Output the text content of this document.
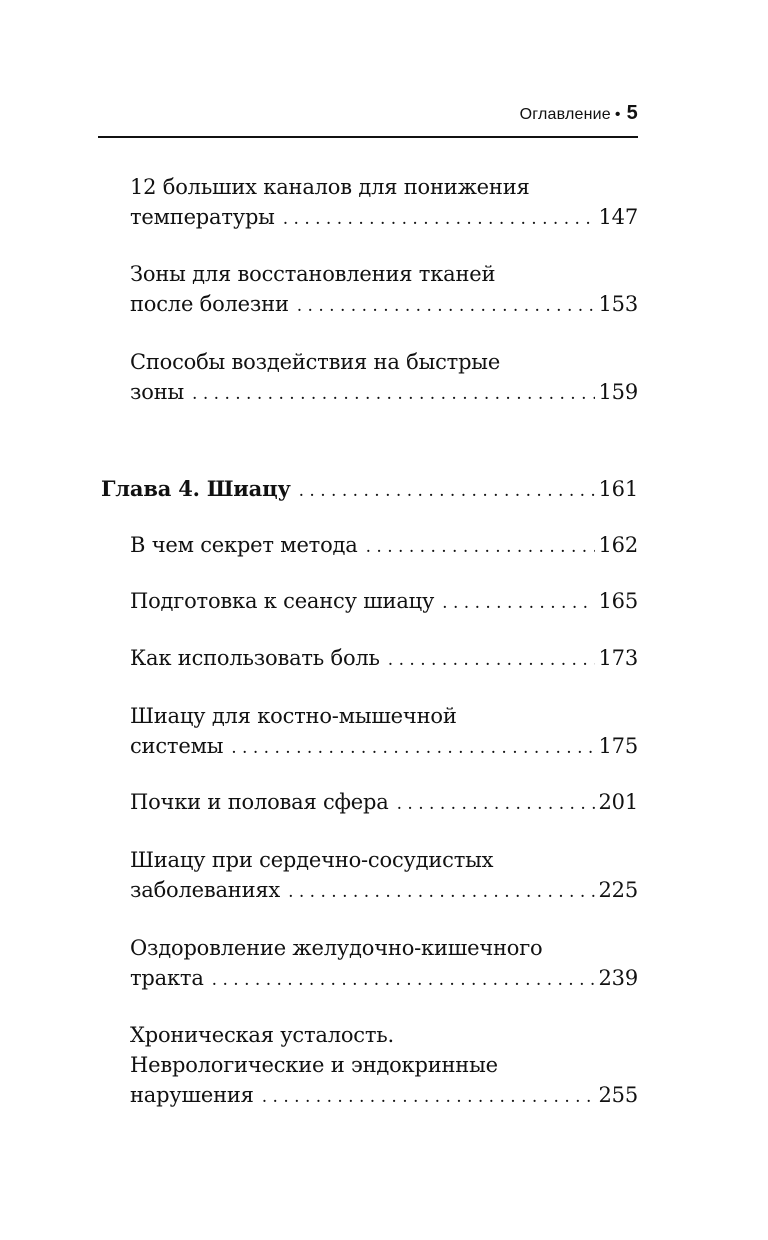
Оглавление • 5
12 больших каналов для понижения
температуры . . .	147
Зоны для восстановления тканей
после болезни . . .	153
Способы воздействия на быстрые
зоны . . .	159
Глава 4. Шиацу . . .	161
В чем секрет метода . . .	162
Подготовка к сеансу шиацу . . .	165
Как использовать боль . . .	173
Шиацу для костно-мышечной
системы . . .	175
Почки и половая сфера . . .	201
Шиацу при сердечно-сосудистых
заболеваниях . . .	225
Оздоровление желудочно-кишечного
тракта . . .	239
Хроническая усталость.
Неврологические и эндокринные
нарушения . . .	255
